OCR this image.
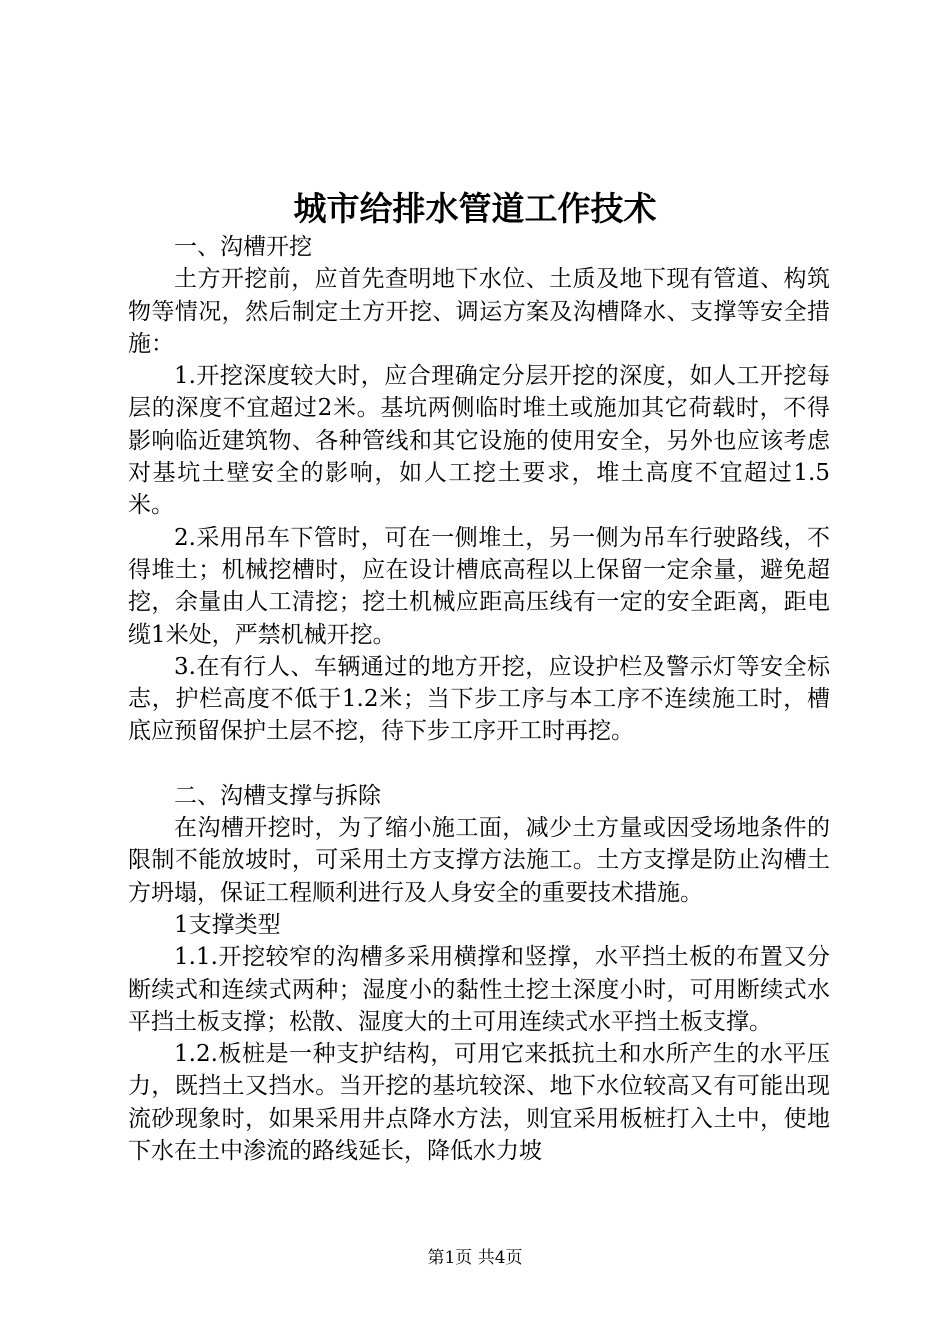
城市给排水管道工作技术

一、沟槽开挖

土方开挖前，应首先查明地下水位、土质及地下现有管道、构筑物等情况，然后制定土方开挖、调运方案及沟槽降水、支撑等安全措施：

1.开挖深度较大时，应合理确定分层开挖的深度，如人工开挖每层的深度不宜超过2米。基坑两侧临时堆土或施加其它荷载时，不得影响临近建筑物、各种管线和其它设施的使用安全，另外也应该考虑对基坑土壁安全的影响，如人工挖土要求，堆土高度不宜超过1.5米。

2.采用吊车下管时，可在一侧堆土，另一侧为吊车行驶路线，不得堆土；机械挖槽时，应在设计槽底高程以上保留一定余量，避免超挖，余量由人工清挖；挖土机械应距高压线有一定的安全距离，距电缆1米处，严禁机械开挖。

3.在有行人、车辆通过的地方开挖，应设护栏及警示灯等安全标志，护栏高度不低于1.2米；当下步工序与本工序不连续施工时，槽底应预留保护土层不挖，待下步工序开工时再挖。

二、沟槽支撑与拆除

在沟槽开挖时，为了缩小施工面，减少土方量或因受场地条件的限制不能放坡时，可采用土方支撑方法施工。土方支撑是防止沟槽土方坍塌，保证工程顺利进行及人身安全的重要技术措施。

1支撑类型

1.1.开挖较窄的沟槽多采用横撑和竖撑，水平挡土板的布置又分断续式和连续式两种；湿度小的黏性土挖土深度小时，可用断续式水平挡土板支撑；松散、湿度大的土可用连续式水平挡土板支撑。

1.2.板桩是一种支护结构，可用它来抵抗土和水所产生的水平压力，既挡土又挡水。当开挖的基坑较深、地下水位较高又有可能出现流砂现象时，如果采用井点降水方法，则宜采用板桩打入土中，使地下水在土中渗流的路线延长，降低水力坡

第1页 共4页
